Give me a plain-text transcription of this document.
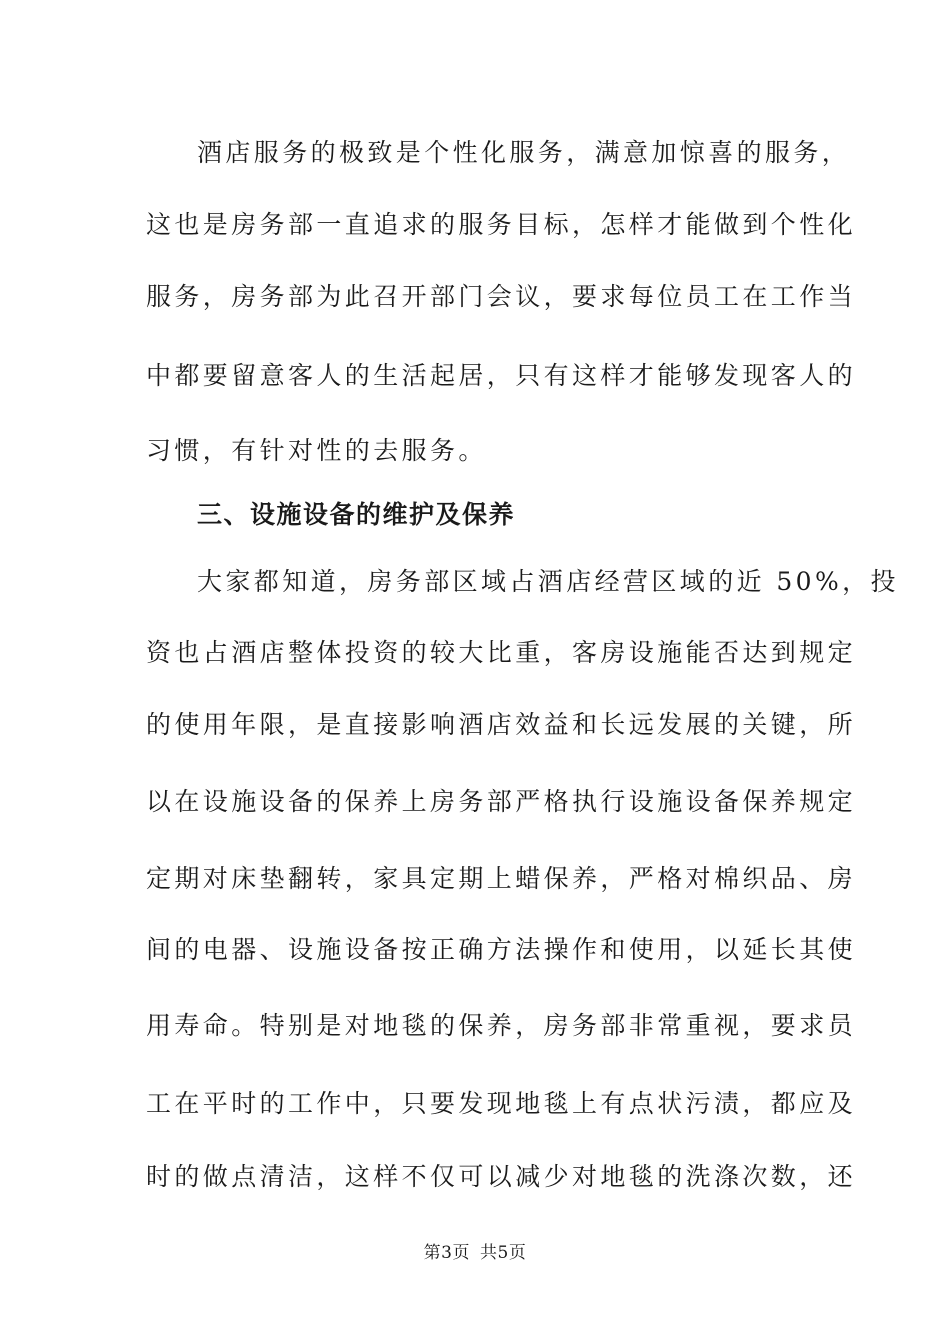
酒店服务的极致是个性化服务，满意加惊喜的服务，
这也是房务部一直追求的服务目标，怎样才能做到个性化
服务，房务部为此召开部门会议，要求每位员工在工作当
中都要留意客人的生活起居，只有这样才能够发现客人的
习惯，有针对性的去服务。
三、设施设备的维护及保养
大家都知道，房务部区域占酒店经营区域的近 50%，投
资也占酒店整体投资的较大比重，客房设施能否达到规定
的使用年限，是直接影响酒店效益和长远发展的关键，所
以在设施设备的保养上房务部严格执行设施设备保养规定
定期对床垫翻转，家具定期上蜡保养，严格对棉织品、房
间的电器、设施设备按正确方法操作和使用，以延长其使
用寿命。特别是对地毯的保养，房务部非常重视，要求员
工在平时的工作中，只要发现地毯上有点状污渍，都应及
时的做点清洁，这样不仅可以减少对地毯的洗涤次数，还
第3页 共5页
